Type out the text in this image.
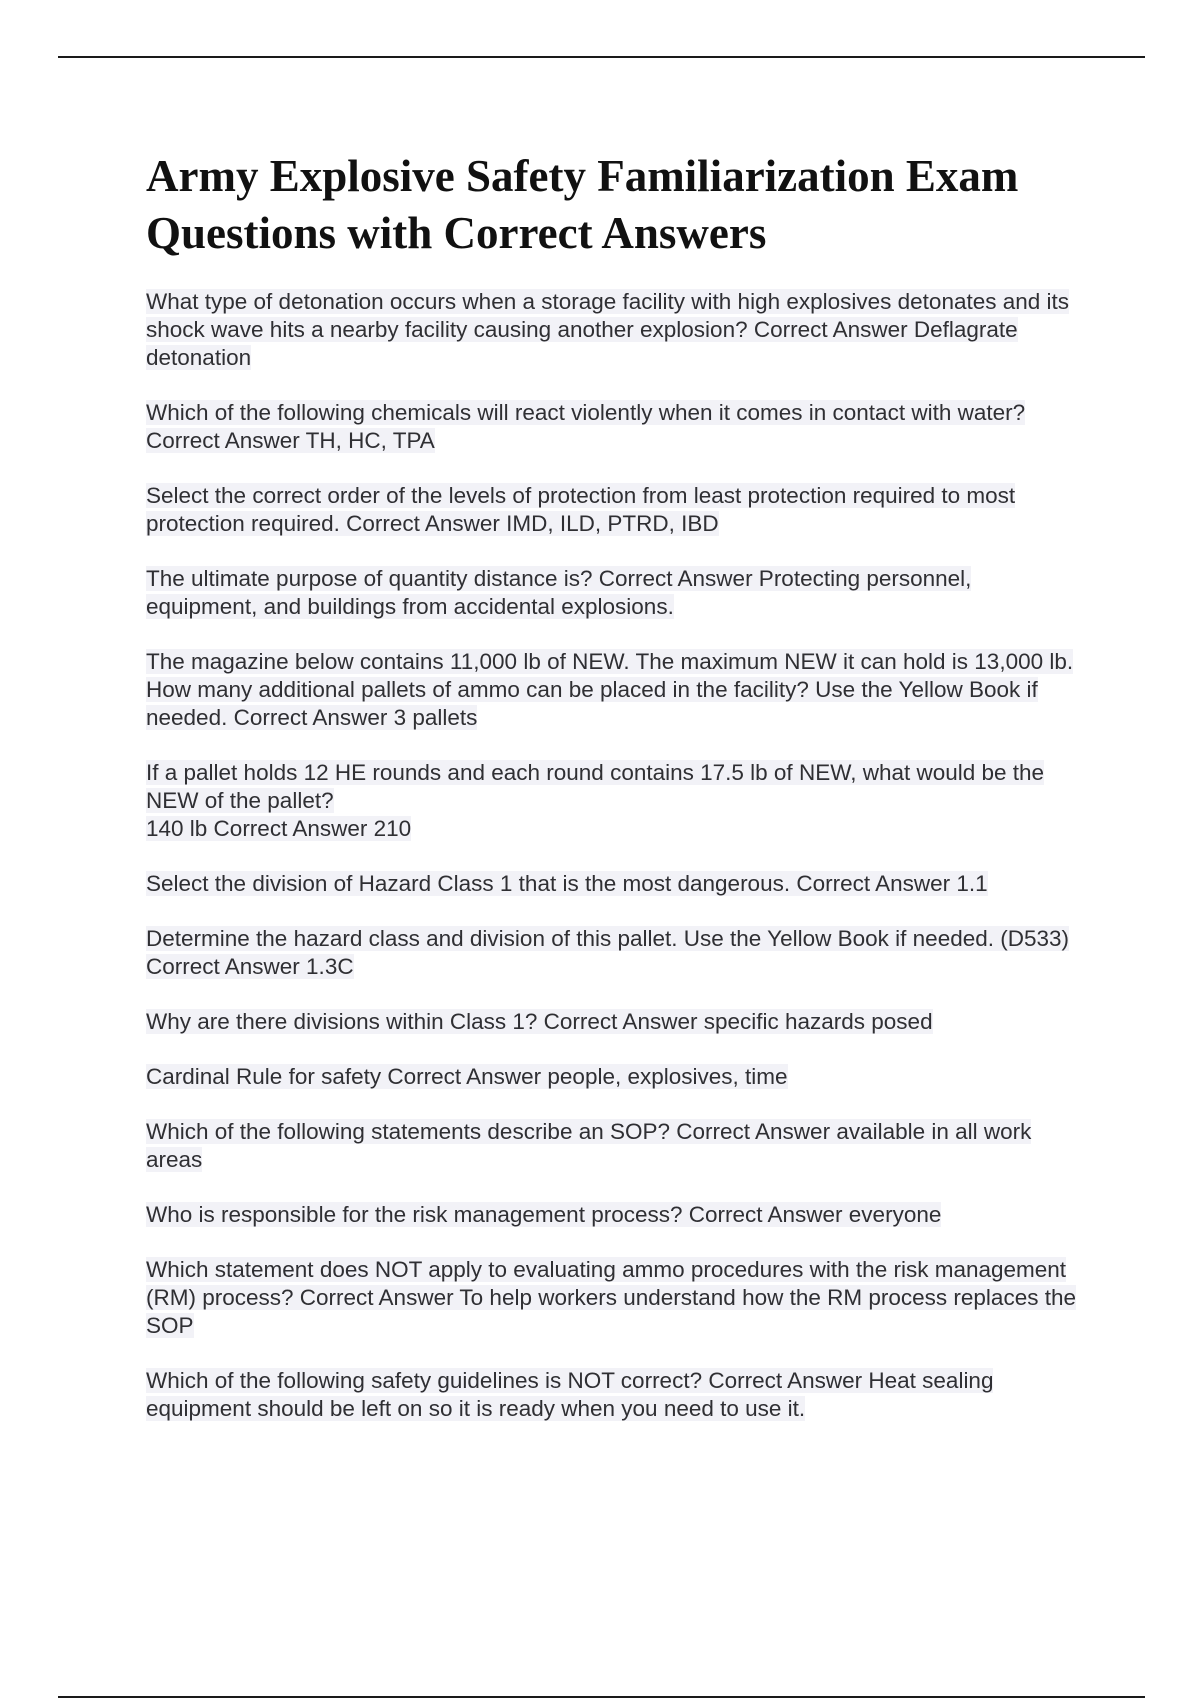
Army Explosive Safety Familiarization Exam Questions with Correct Answers
What type of detonation occurs when a storage facility with high explosives detonates and its shock wave hits a nearby facility causing another explosion? Correct Answer Deflagrate detonation
Which of the following chemicals will react violently when it comes in contact with water? Correct Answer TH, HC, TPA
Select the correct order of the levels of protection from least protection required to most protection required. Correct Answer IMD, ILD, PTRD, IBD
The ultimate purpose of quantity distance is? Correct Answer Protecting personnel, equipment, and buildings from accidental explosions.
The magazine below contains 11,000 lb of NEW. The maximum NEW it can hold is 13,000 lb. How many additional pallets of ammo can be placed in the facility? Use the Yellow Book if needed. Correct Answer 3 pallets
If a pallet holds 12 HE rounds and each round contains 17.5 lb of NEW, what would be the NEW of the pallet?
140 lb Correct Answer 210
Select the division of Hazard Class 1 that is the most dangerous. Correct Answer 1.1
Determine the hazard class and division of this pallet. Use the Yellow Book if needed. (D533) Correct Answer 1.3C
Why are there divisions within Class 1? Correct Answer specific hazards posed
Cardinal Rule for safety Correct Answer people, explosives, time
Which of the following statements describe an SOP? Correct Answer available in all work areas
Who is responsible for the risk management process? Correct Answer everyone
Which statement does NOT apply to evaluating ammo procedures with the risk management (RM) process? Correct Answer To help workers understand how the RM process replaces the SOP
Which of the following safety guidelines is NOT correct? Correct Answer Heat sealing equipment should be left on so it is ready when you need to use it.
